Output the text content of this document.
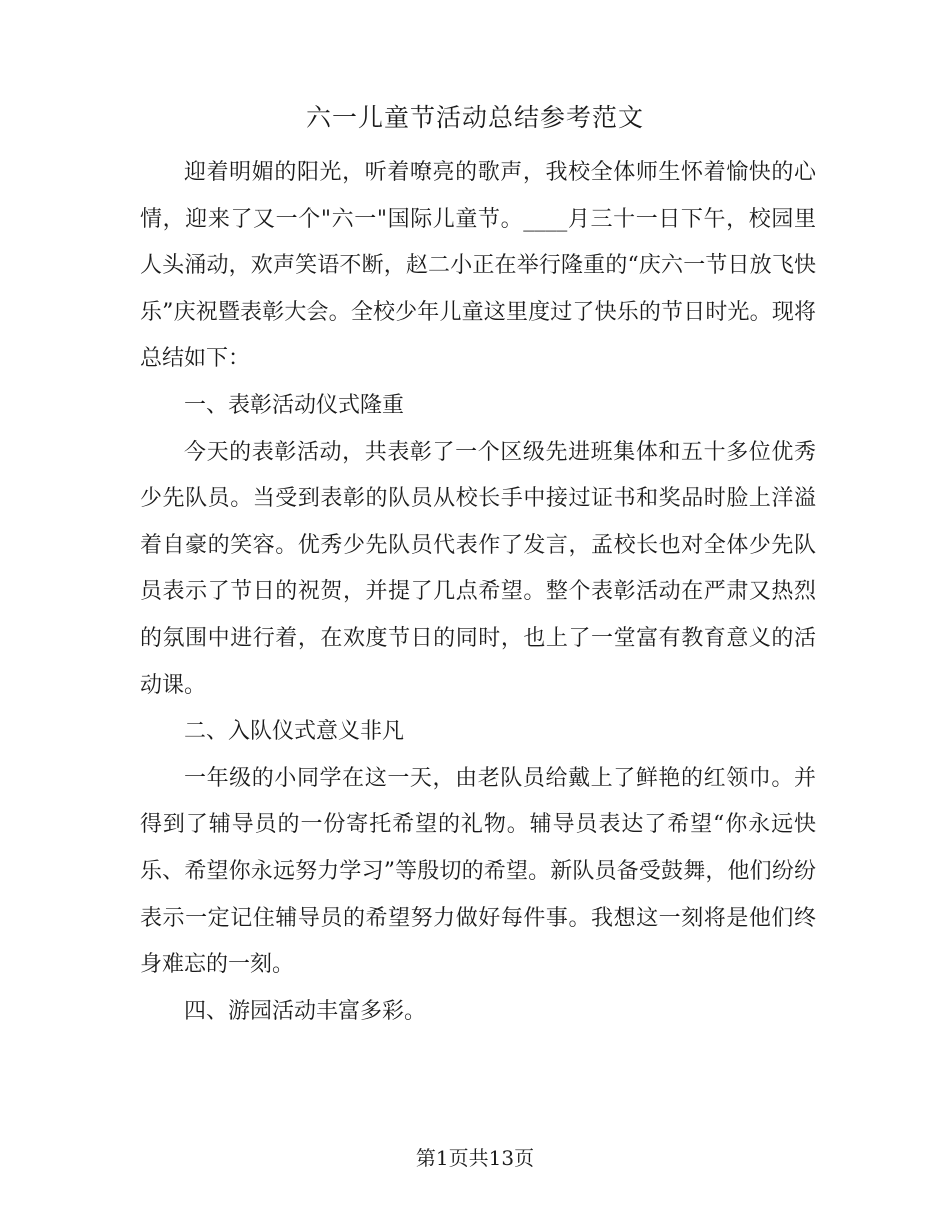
六一儿童节活动总结参考范文

迎着明媚的阳光，听着嘹亮的歌声，我校全体师生怀着愉快的心情，迎来了又一个"六一"国际儿童节。____月三十一日下午，校园里人头涌动，欢声笑语不断，赵二小正在举行隆重的“庆六一节日放飞快乐”庆祝暨表彰大会。全校少年儿童这里度过了快乐的节日时光。现将总结如下：

一、表彰活动仪式隆重

今天的表彰活动，共表彰了一个区级先进班集体和五十多位优秀少先队员。当受到表彰的队员从校长手中接过证书和奖品时脸上洋溢着自豪的笑容。优秀少先队员代表作了发言，孟校长也对全体少先队员表示了节日的祝贺，并提了几点希望。整个表彰活动在严肃又热烈的氛围中进行着，在欢度节日的同时，也上了一堂富有教育意义的活动课。

二、入队仪式意义非凡

一年级的小同学在这一天，由老队员给戴上了鲜艳的红领巾。并得到了辅导员的一份寄托希望的礼物。辅导员表达了希望“你永远快乐、希望你永远努力学习”等殷切的希望。新队员备受鼓舞，他们纷纷表示一定记住辅导员的希望努力做好每件事。我想这一刻将是他们终身难忘的一刻。

四、游园活动丰富多彩。

第1页共13页
